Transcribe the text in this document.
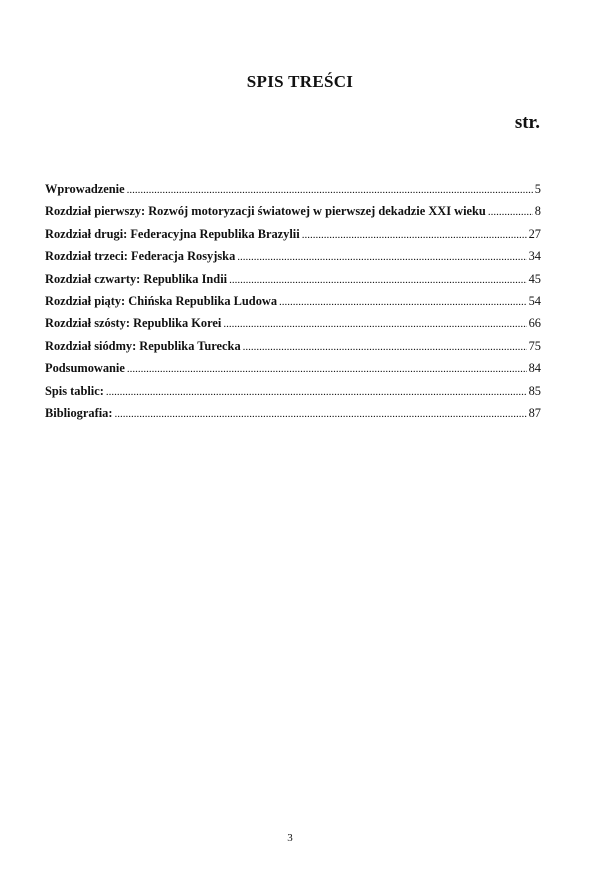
SPIS TREŚCI
str.
Wprowadzenie .....	5
Rozdział pierwszy: Rozwój motoryzacji światowej w pierwszej dekadzie XXI wieku .....	8
Rozdział drugi: Federacyjna Republika Brazylii .....	27
Rozdział trzeci: Federacja Rosyjska .....	34
Rozdział czwarty: Republika Indii .....	45
Rozdział piąty: Chińska Republika Ludowa .....	54
Rozdział szósty: Republika Korei .....	66
Rozdział siódmy: Republika Turecka .....	75
Podsumowanie .....	84
Spis tablic: .....	85
Bibliografia: .....	87
3
